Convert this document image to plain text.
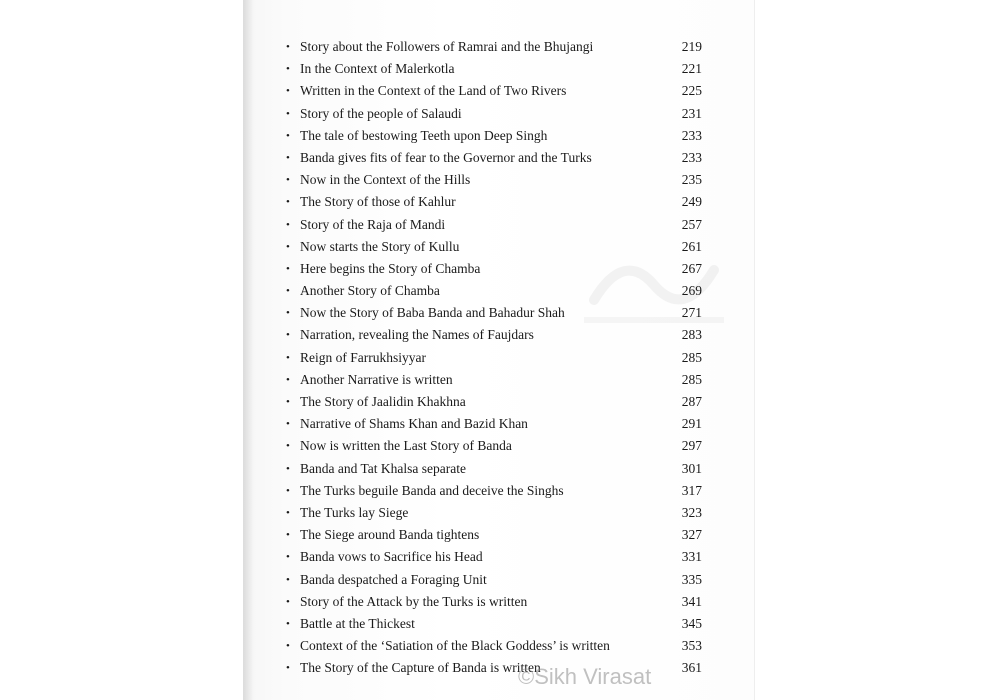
• Story about the Followers of Ramrai and the Bhujangi	219
• In the Context of Malerkotla	221
• Written in the Context of the Land of Two Rivers	225
• Story of the people of Salaudi	231
• The tale of bestowing Teeth upon Deep Singh	233
• Banda gives fits of fear to the Governor and the Turks	233
• Now in the Context of the Hills	235
• The Story of those of Kahlur	249
• Story of the Raja of Mandi	257
• Now starts the Story of Kullu	261
• Here begins the Story of Chamba	267
• Another Story of Chamba	269
• Now the Story of Baba Banda and Bahadur Shah	271
• Narration, revealing the Names of Faujdars	283
• Reign of Farrukhsiyyar	285
• Another Narrative is written	285
• The Story of Jaalidin Khakhna	287
• Narrative of Shams Khan and Bazid Khan	291
• Now is written the Last Story of Banda	297
• Banda and Tat Khalsa separate	301
• The Turks beguile Banda and deceive the Singhs	317
• The Turks lay Siege	323
• The Siege around Banda tightens	327
• Banda vows to Sacrifice his Head	331
• Banda despatched a Foraging Unit	335
• Story of the Attack by the Turks is written	341
• Battle at the Thickest	345
• Context of the ‘Satiation of the Black Goddess’ is written	353
• The Story of the Capture of Banda is written	361
©Sikh Virasat
